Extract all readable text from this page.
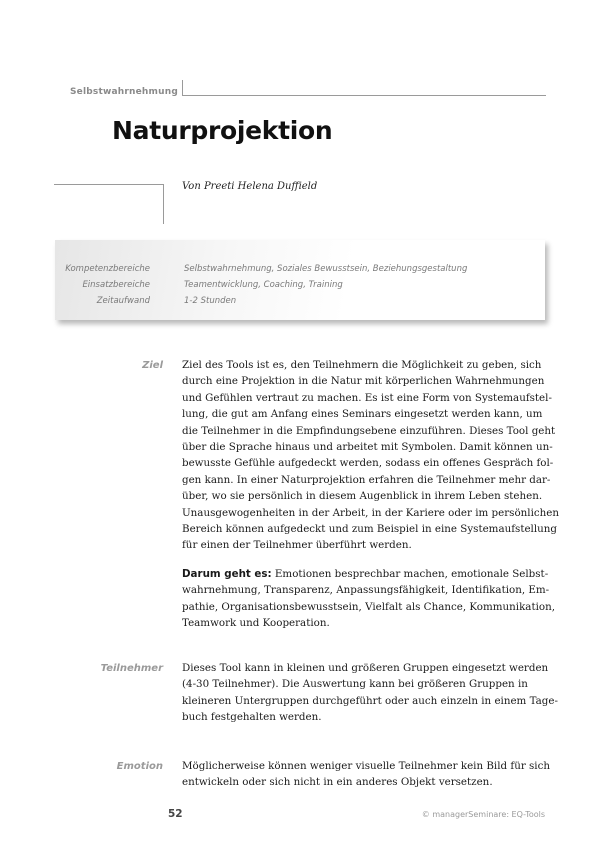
Selbstwahrnehmung
Naturprojektion
Von Preeti Helena Duffield
Kompetenzbereiche	Selbstwahrnehmung, Soziales Bewusstsein, Beziehungsgestaltung
Einsatzbereiche	Teamentwicklung, Coaching, Training
Zeitaufwand	1-2 Stunden
Ziel Ziel des Tools ist es, den Teilnehmern die Möglichkeit zu geben, sich
durch eine Projektion in die Natur mit körperlichen Wahrnehmungen
und Gefühlen vertraut zu machen. Es ist eine Form von Systemaufstel-
lung, die gut am Anfang eines Seminars eingesetzt werden kann, um
die Teilnehmer in die Empfindungsebene einzuführen. Dieses Tool geht
über die Sprache hinaus und arbeitet mit Symbolen. Damit können un-
bewusste Gefühle aufgedeckt werden, sodass ein offenes Gespräch fol-
gen kann. In einer Naturprojektion erfahren die Teilnehmer mehr dar-
über, wo sie persönlich in diesem Augenblick in ihrem Leben stehen.
Unausgewogenheiten in der Arbeit, in der Kariere oder im persönlichen
Bereich können aufgedeckt und zum Beispiel in eine Systemaufstellung
für einen der Teilnehmer überführt werden.
Darum geht es: Emotionen besprechbar machen, emotionale Selbst-
wahrnehmung, Transparenz, Anpassungsfähigkeit, Identifikation, Em-
pathie, Organisationsbewusstsein, Vielfalt als Chance, Kommunikation,
Teamwork und Kooperation.
Teilnehmer Dieses Tool kann in kleinen und größeren Gruppen eingesetzt werden
(4-30 Teilnehmer). Die Auswertung kann bei größeren Gruppen in
kleineren Untergruppen durchgeführt oder auch einzeln in einem Tage-
buch festgehalten werden.
Emotion Möglicherweise können weniger visuelle Teilnehmer kein Bild für sich
entwickeln oder sich nicht in ein anderes Objekt versetzen.
52	© managerSeminare: EQ-Tools
